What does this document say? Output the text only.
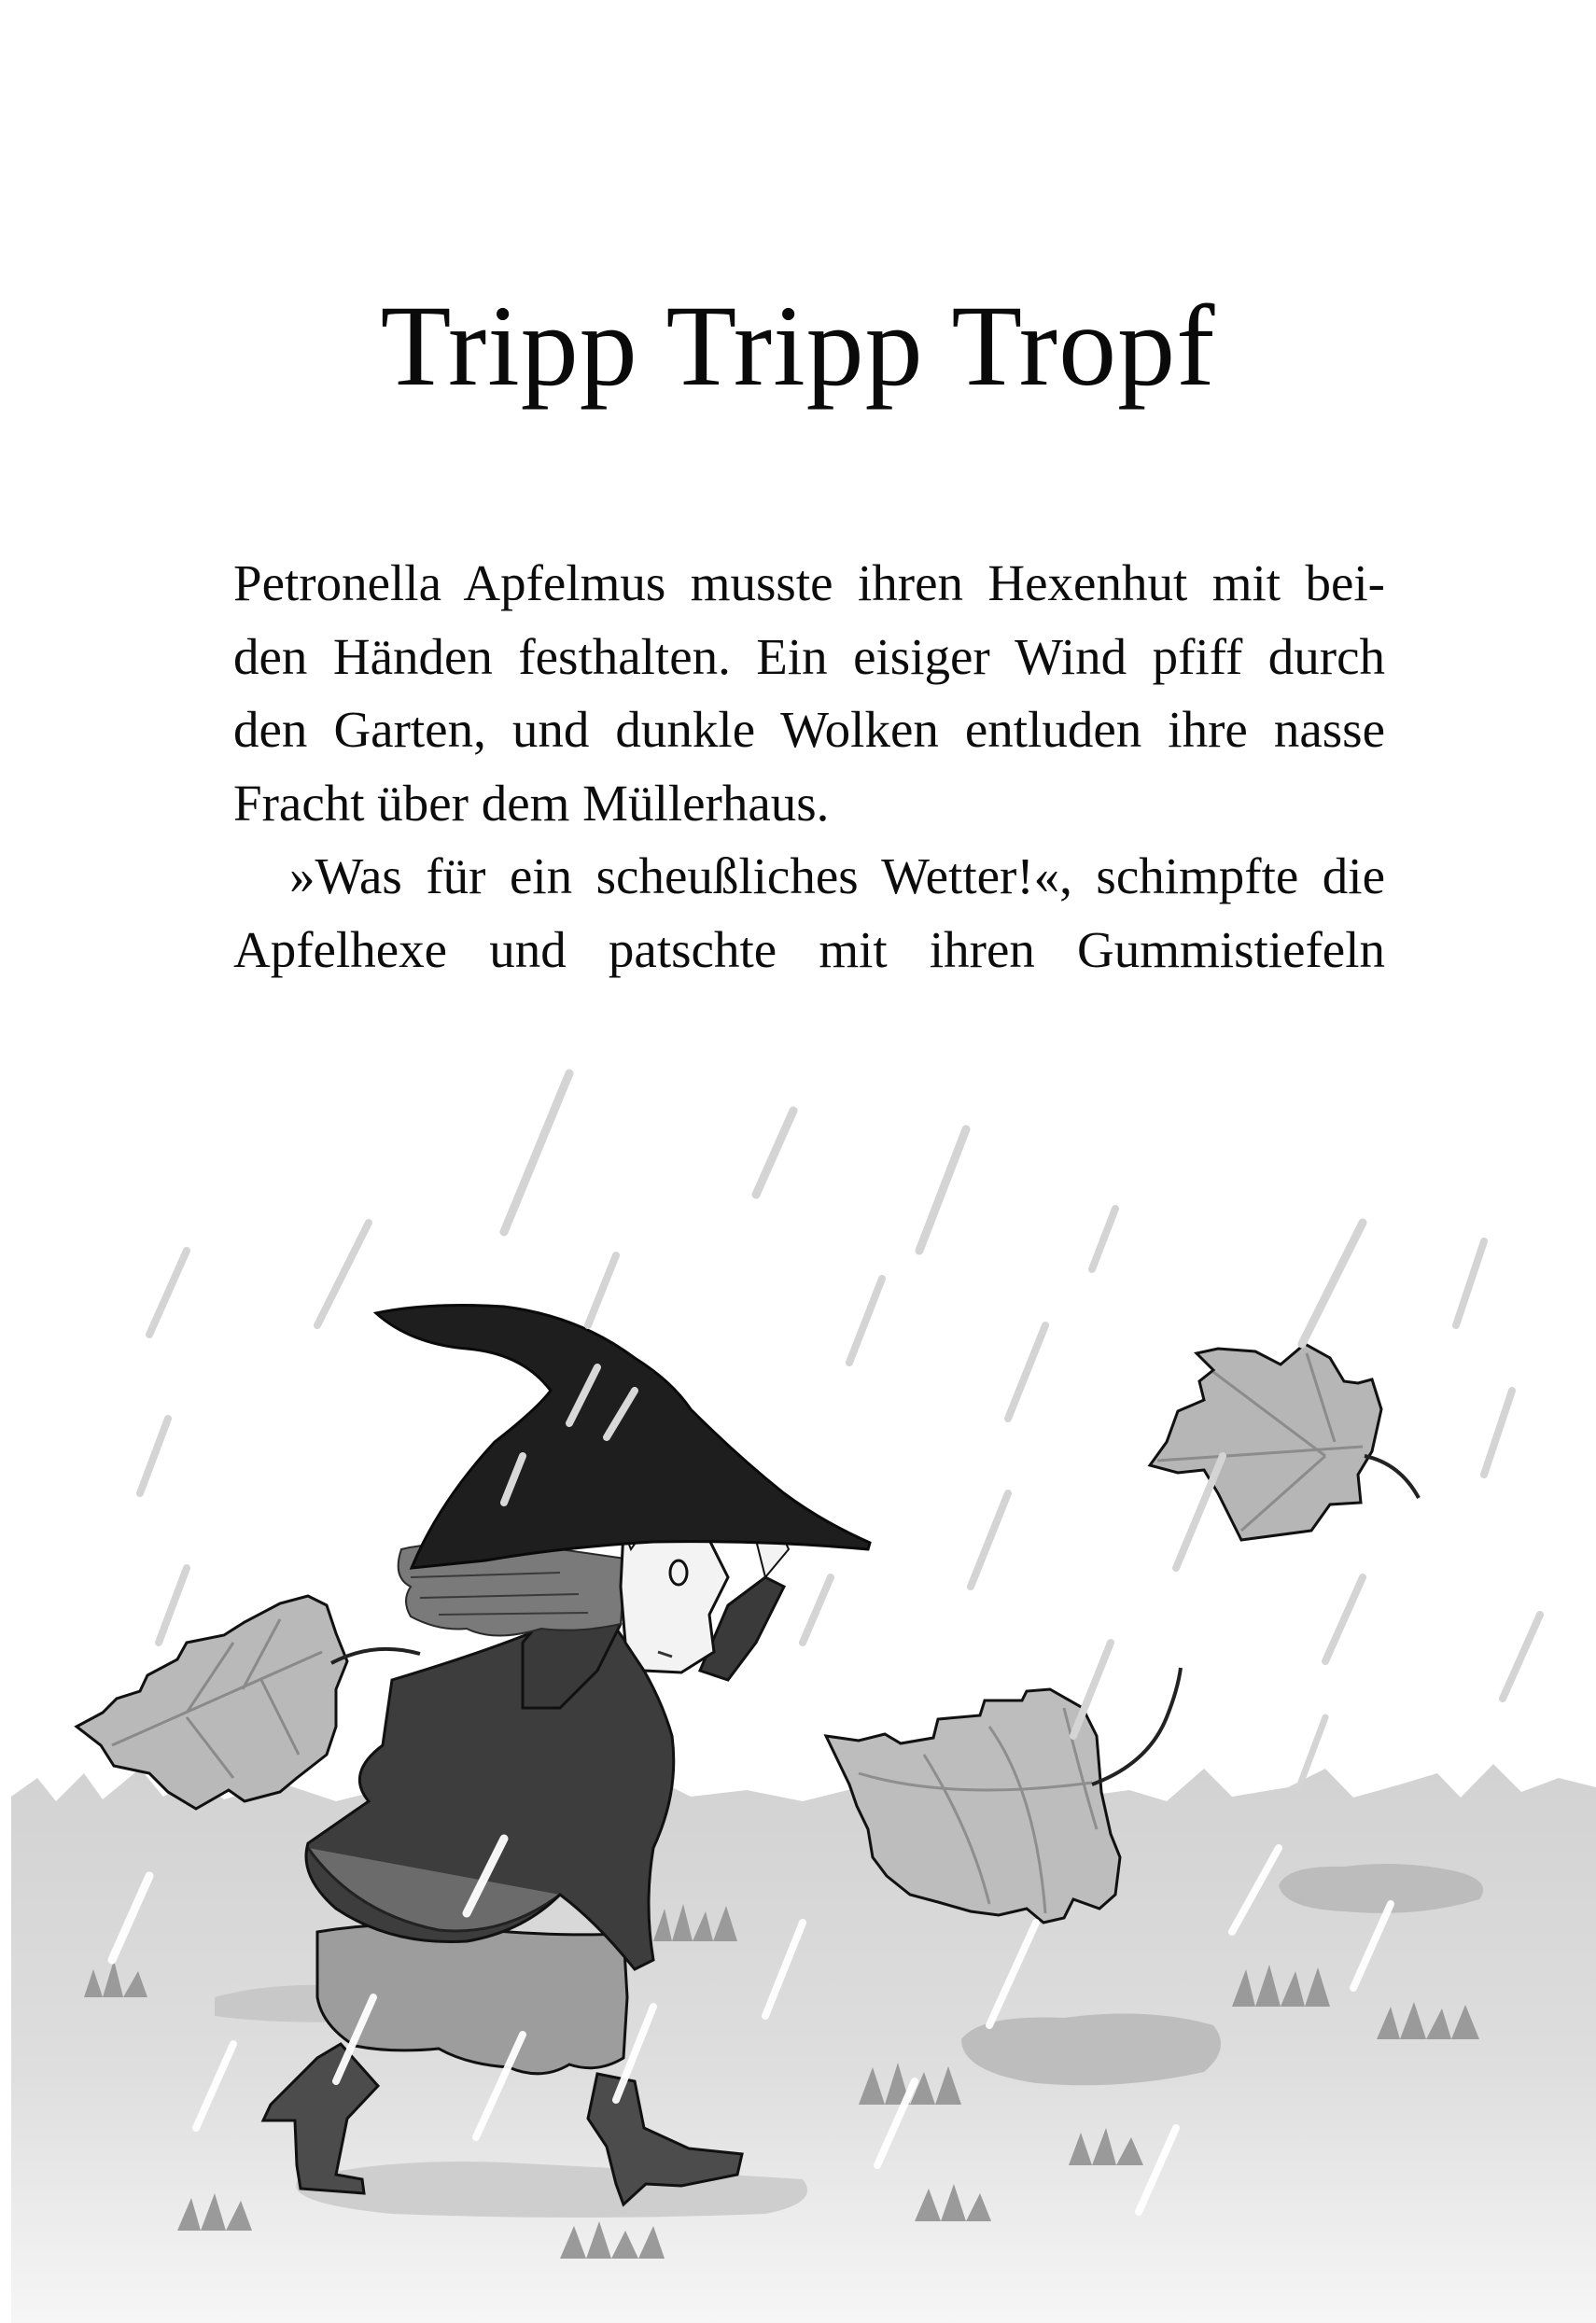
Tripp Tripp Tropf
Petronella Apfelmus musste ihren Hexenhut mit bei-
den Händen festhalten. Ein eisiger Wind pfiff durch
den Garten, und dunkle Wolken entluden ihre nasse
Fracht über dem Müllerhaus.
»Was für ein scheußliches Wetter!«, schimpfte die
Apfelhexe und patschte mit ihren Gummistiefeln
